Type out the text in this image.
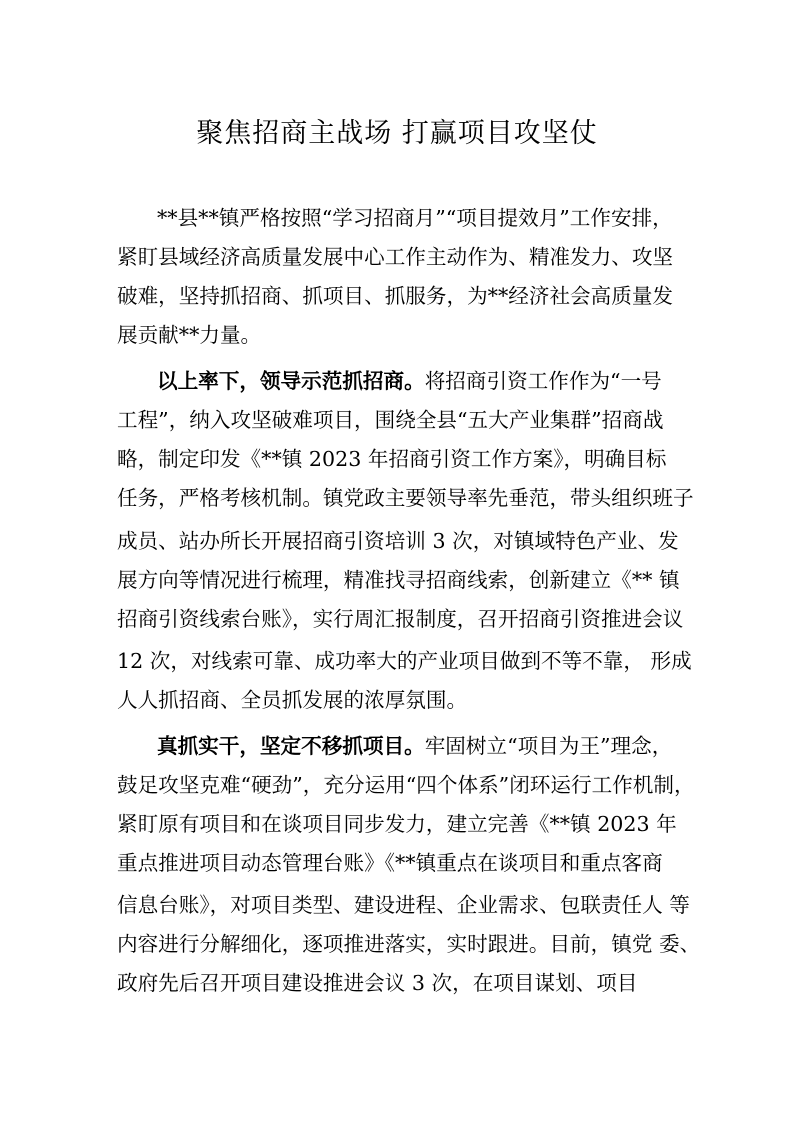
聚焦招商主战场 打赢项目攻坚仗
**县**镇严格按照“学习招商月”“项目提效月”工作安排，
紧盯县域经济高质量发展中心工作主动作为、精准发力、攻坚
破难，坚持抓招商、抓项目、抓服务，为**经济社会高质量发
展贡献**力量。
以上率下，领导示范抓招商。将招商引资工作作为“一号
工程”，纳入攻坚破难项目，围绕全县“五大产业集群”招商战
略，制定印发《**镇 2023 年招商引资工作方案》，明确目标
任务，严格考核机制。镇党政主要领导率先垂范，带头组织班子
成员、站办所长开展招商引资培训 3 次，对镇域特色产业、发
展方向等情况进行梳理，精准找寻招商线索，创新建立《** 镇
招商引资线索台账》，实行周汇报制度，召开招商引资推进会议
12 次，对线索可靠、成功率大的产业项目做到不等不靠， 形成
人人抓招商、全员抓发展的浓厚氛围。
真抓实干，坚定不移抓项目。牢固树立“项目为王”理念，
鼓足攻坚克难“硬劲”，充分运用“四个体系”闭环运行工作机制，
紧盯原有项目和在谈项目同步发力，建立完善《**镇 2023 年
重点推进项目动态管理台账》《**镇重点在谈项目和重点客商
信息台账》，对项目类型、建设进程、企业需求、包联责任人 等
内容进行分解细化，逐项推进落实，实时跟进。目前，镇党 委、
政府先后召开项目建设推进会议 3 次，在项目谋划、项目
